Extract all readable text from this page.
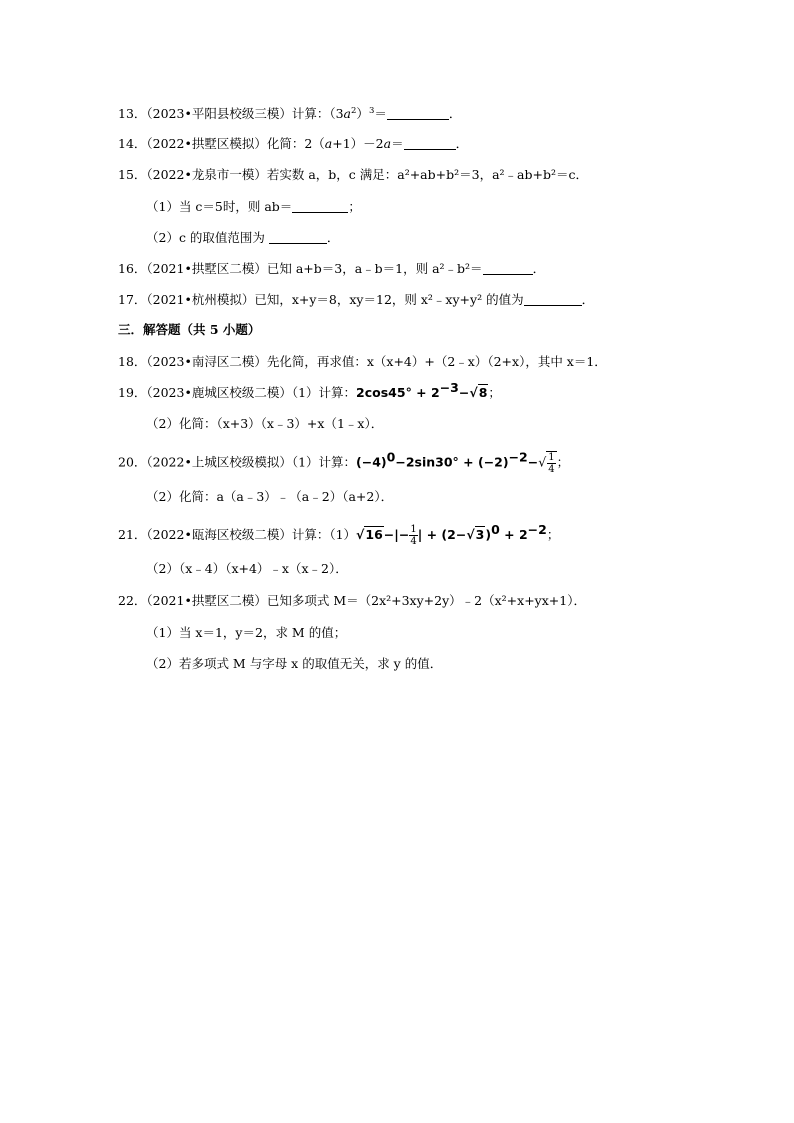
13．（2023•平阳县校级三模）计算：$(3a^2)^3=$	．
14．（2022•拱墅区模拟）化简：2（a+1）－2a＝	．
15．（2022•龙泉市一模）若实数 a，b，c 满足：a²+ab+b²＝3，a²﹣ab+b²＝c．
（1）当 c＝5时，则 ab＝	；
（2）c 的取值范围为	．
16．（2021•拱墅区二模）已知 a+b＝3，a﹣b＝1，则 a²﹣b²＝	．
17．（2021•杭州模拟）已知，x+y＝8，xy＝12，则 x²﹣xy+y² 的值为	．
三．解答题（共 5 小题）
18．（2023•南浔区二模）先化简，再求值：x（x+4）+（2﹣x）（2+x），其中 x＝1．
19．（2023•鹿城区校级二模）（1）计算：$2\cos 45^\circ + 2^{-3}-√8$；
（2）化简：（x+3）（x﹣3）+x（1﹣x）．
20．（2022•上城区校级模拟）（1）计算：$(-4)^0-2\sin 30^\circ + (-2)^{-2}-√ \frac{1}{4}$ ；
（2）化简：a（a﹣3）﹣（a﹣2）（a+2）．
21．（2022•瓯海区校级二模）计算：$(1)√16-|- \frac{1}{4}$ | + $(2-√3)^0 + 2^{-2}$；
（2）（x﹣4）（x+4）﹣x（x﹣2）．
22．（2021•拱墅区二模）已知多项式 M＝（2x²+3xy+2y）﹣2（x²+x+yx+1）．
（1）当 x＝1，y＝2，求 M 的值；
（2）若多项式 M 与字母 x 的取值无关，求 y 的值．
